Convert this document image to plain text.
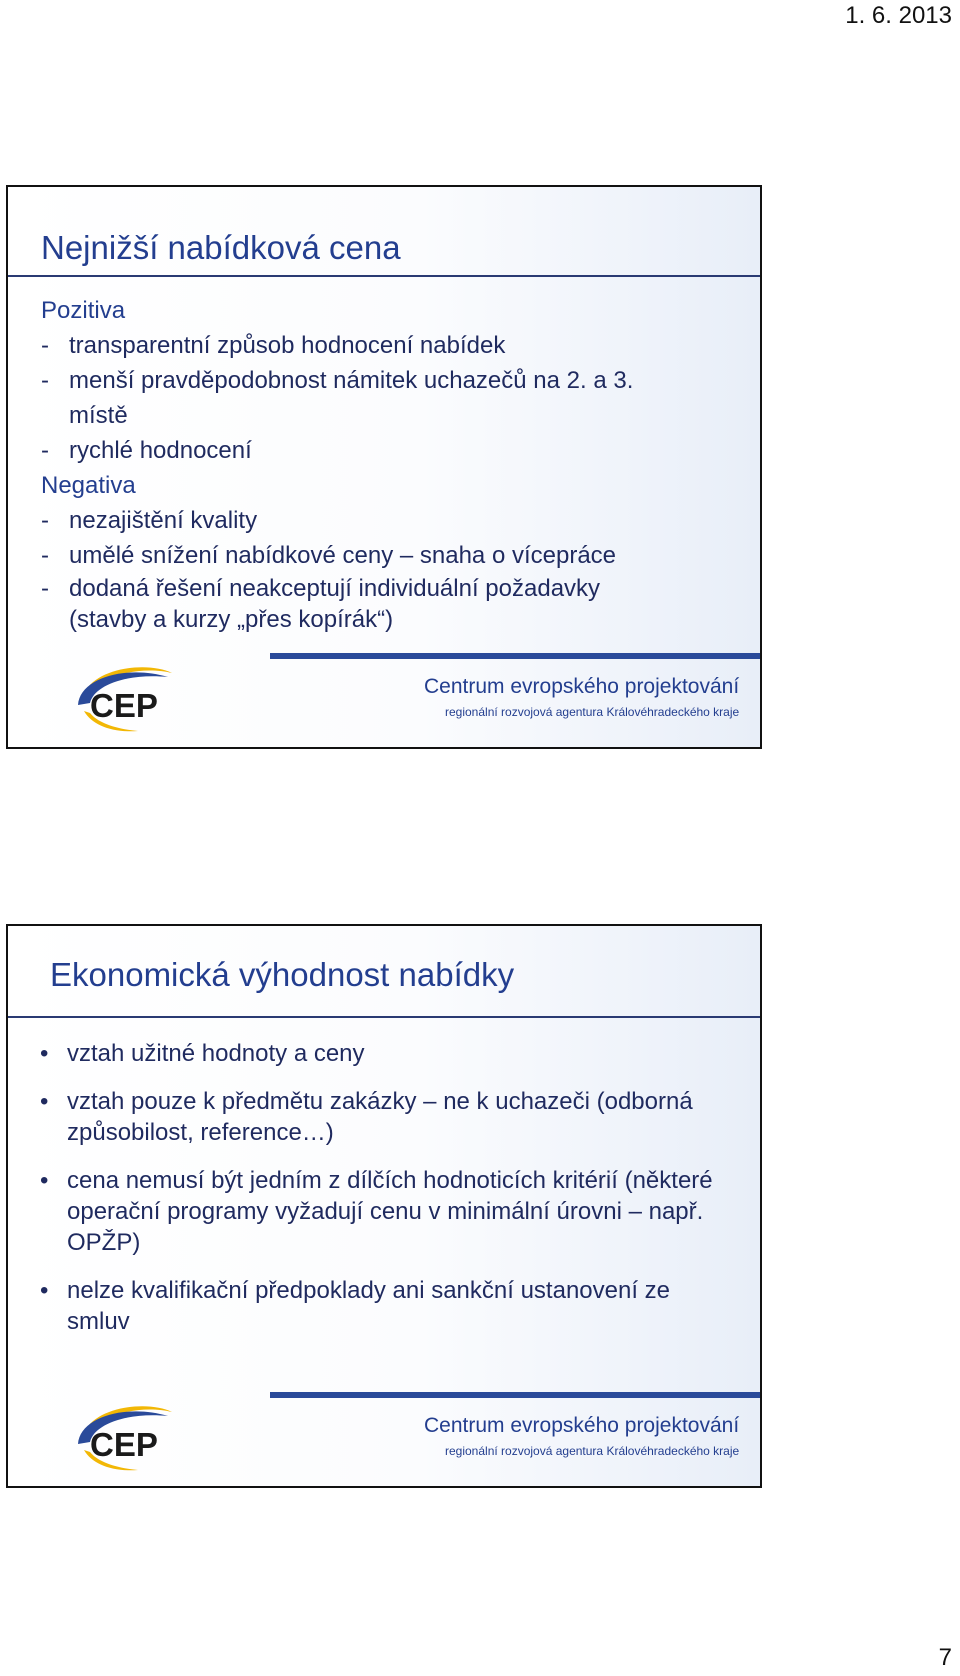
1. 6. 2013
Nejnižší nabídková cena
Pozitiva
- transparentní způsob hodnocení nabídek
- menší pravděpodobnost námitek uchazečů na 2. a 3. místě
- rychlé hodnocení
Negativa
- nezajištění kvality
- umělé snížení nabídkové ceny – snaha o vícepráce
- dodaná řešení neakceptují individuální požadavky (stavby a kurzy „přes kopírák“)
CEP
Centrum evropského projektování
regionální rozvojová agentura Královéhradeckého kraje
Ekonomická výhodnost nabídky
• vztah užitné hodnoty a ceny
• vztah pouze k předmětu zakázky – ne k uchazeči (odborná způsobilost, reference…)
• cena nemusí být jedním z dílčích hodnoticích kritérií (některé operační programy vyžadují cenu v minimální úrovni – např. OPŽP)
• nelze kvalifikační předpoklady ani sankční ustanovení ze smluv
CEP
Centrum evropského projektování
regionální rozvojová agentura Královéhradeckého kraje
7
